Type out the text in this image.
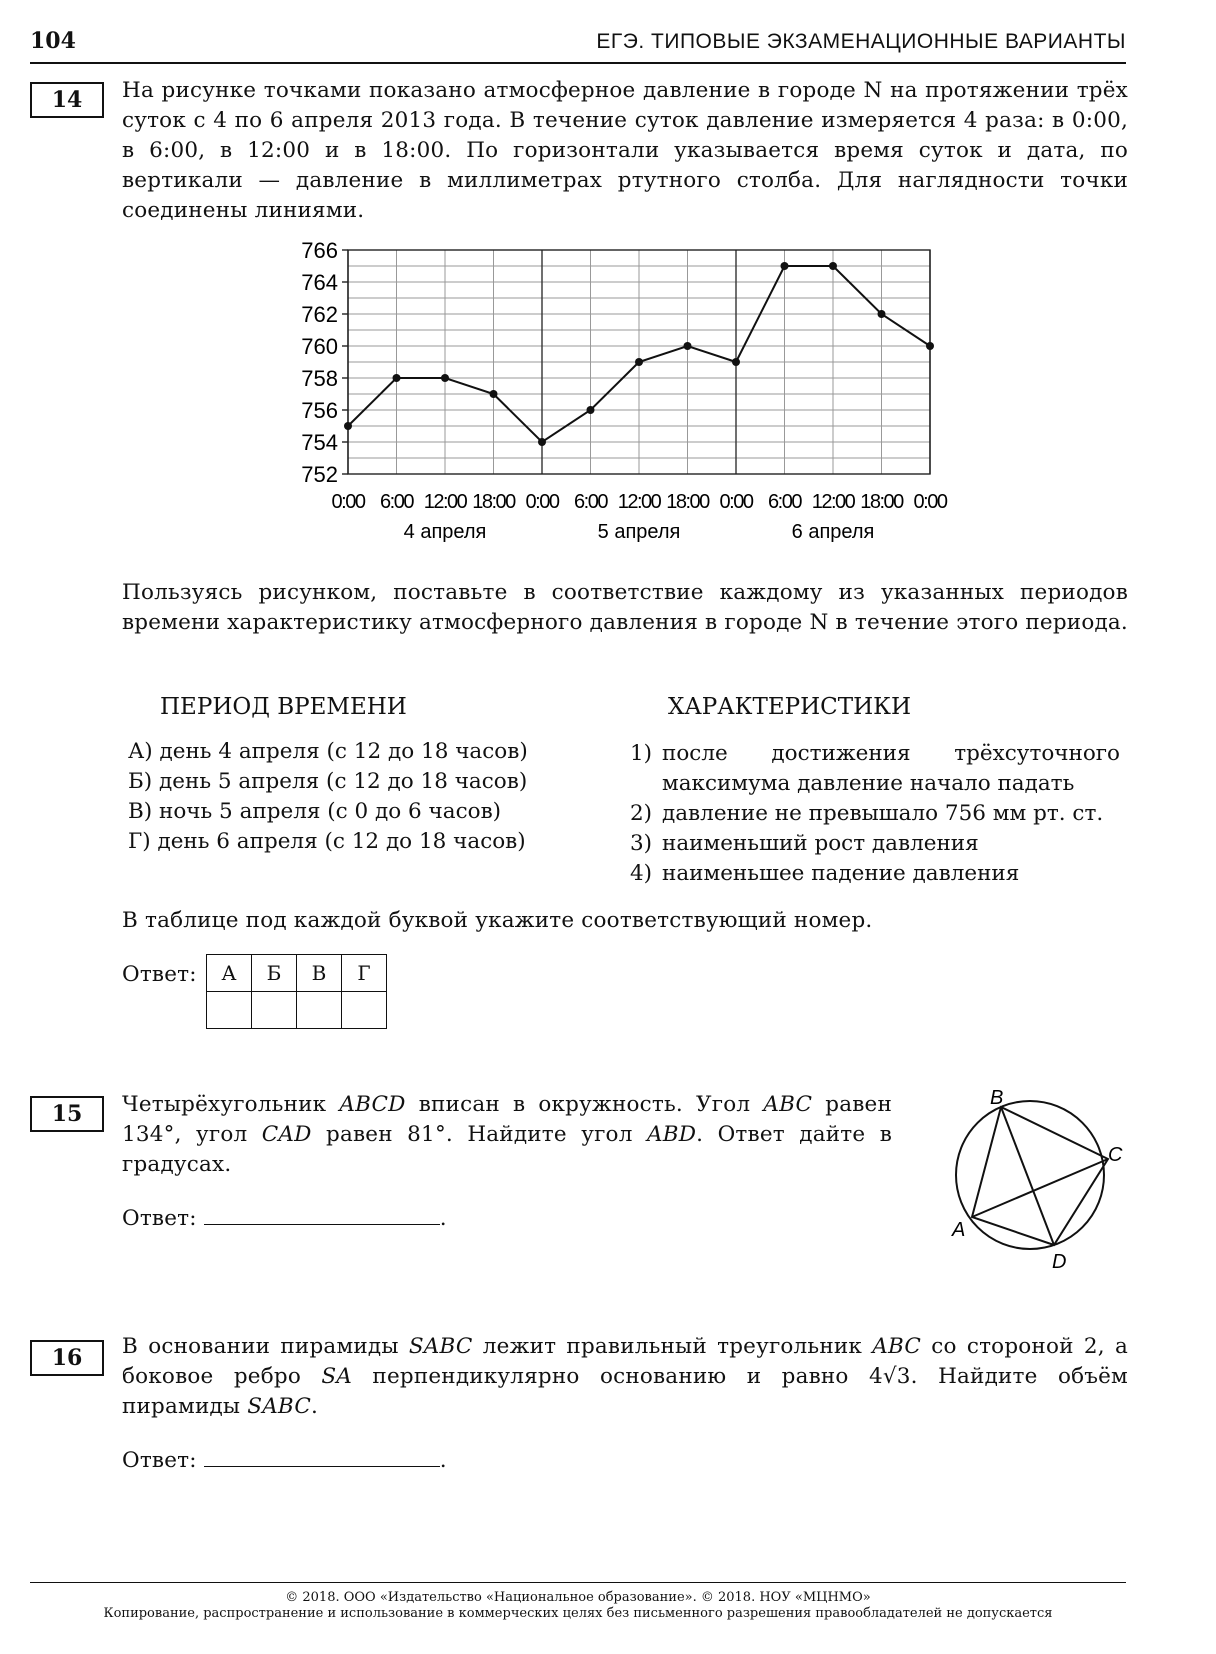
104	ЕГЭ. ТИПОВЫЕ ЭКЗАМЕНАЦИОННЫЕ ВАРИАНТЫ
14	На рисунке точками показано атмосферное давление в городе N на протяжении трёх суток с 4 по 6 апреля 2013 года. В течение суток давление измеряется 4 раза: в 0:00, в 6:00, в 12:00 и в 18:00. По горизонтали указывается время суток и дата, по вертикали — давление в миллиметрах ртутного столба. Для наглядности точки соединены линиями.
752
754
756
758
760
762
764
766
0:00 6:00 12:00 18:00 0:00 6:00 12:00 18:00 0:00 6:00 12:00 18:00 0:00
4 апреля	5 апреля	6 апреля
Пользуясь рисунком, поставьте в соответствие каждому из указанных периодов времени характеристику атмосферного давления в городе N в течение этого периода.
ПЕРИОД ВРЕМЕНИ	ХАРАКТЕРИСТИКИ
А) день 4 апреля (с 12 до 18 часов)
Б) день 5 апреля (с 12 до 18 часов)
В) ночь 5 апреля (с 0 до 6 часов)
Г) день 6 апреля (с 12 до 18 часов)
1) после достижения трёхсуточного максимума давление начало падать
2) давление не превышало 756 мм рт. ст.
3) наименьший рост давления
4) наименьшее падение давления
В таблице под каждой буквой укажите соответствующий номер.
Ответ: А	Б	В	Г

15	Четырёхугольник ABCD вписан в окружность. Угол ABC равен 134°, угол CAD равен 81°. Найдите угол ABD. Ответ дайте в градусах.
Ответ:	.
B
C
A
D
16	В основании пирамиды SABC лежит правильный треугольник ABC со стороной 2, а боковое ребро SA перпендикулярно основанию и равно 4√3. Найдите объём пирамиды SABC.
Ответ:	.
© 2018. ООО «Издательство «Национальное образование». © 2018. НОУ «МЦНМО»
Копирование, распространение и использование в коммерческих целях без письменного разрешения правообладателей не допускается
